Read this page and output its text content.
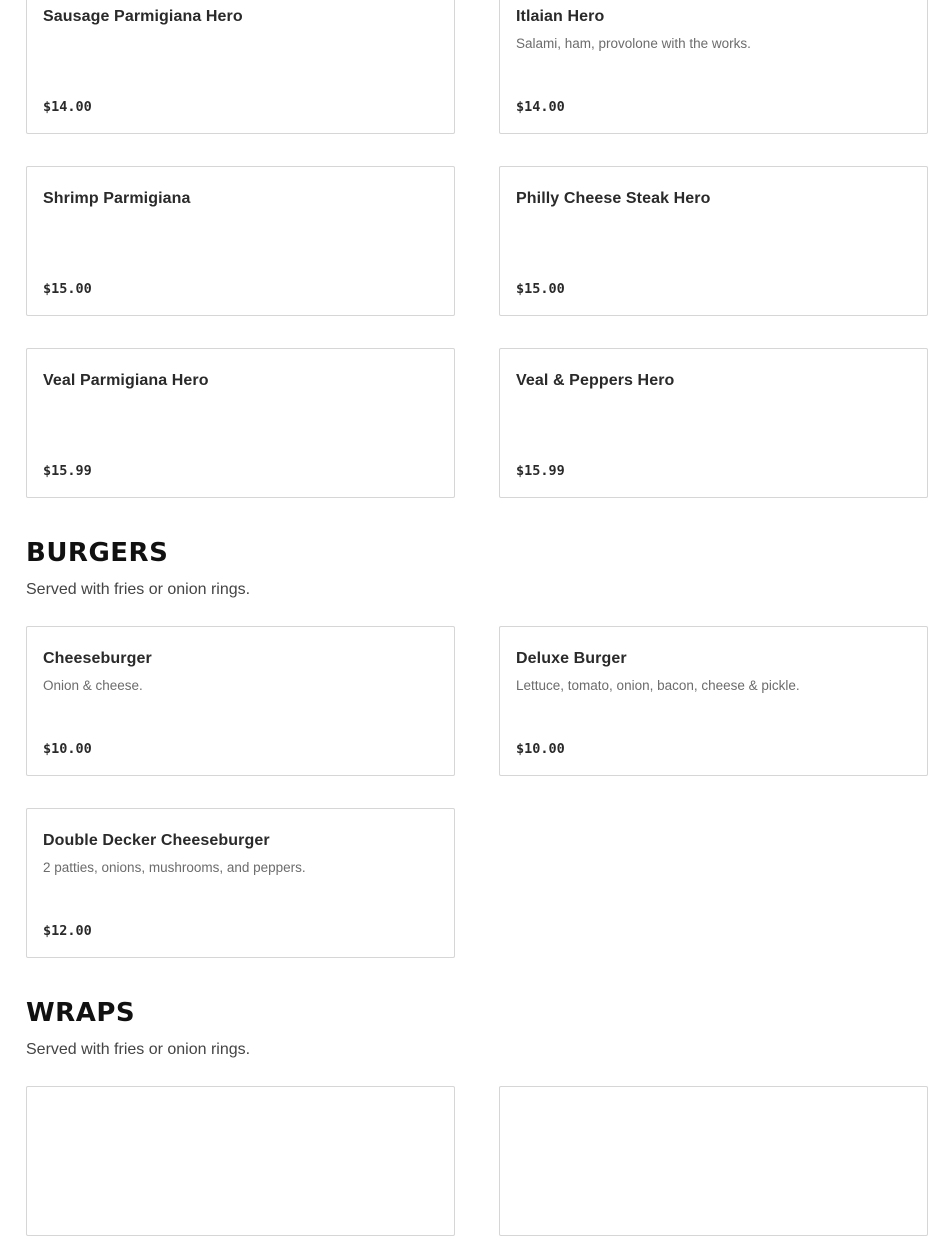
Sausage Parmigiana Hero
$14.00
Itlaian Hero
Salami, ham, provolone with the works.
$14.00
Shrimp Parmigiana
$15.00
Philly Cheese Steak Hero
$15.00
Veal Parmigiana Hero
$15.99
Veal & Peppers Hero
$15.99
BURGERS
Served with fries or onion rings.
Cheeseburger
Onion & cheese.
$10.00
Deluxe Burger
Lettuce, tomato, onion, bacon, cheese & pickle.
$10.00
Double Decker Cheeseburger
2 patties, onions, mushrooms, and peppers.
$12.00
WRAPS
Served with fries or onion rings.
